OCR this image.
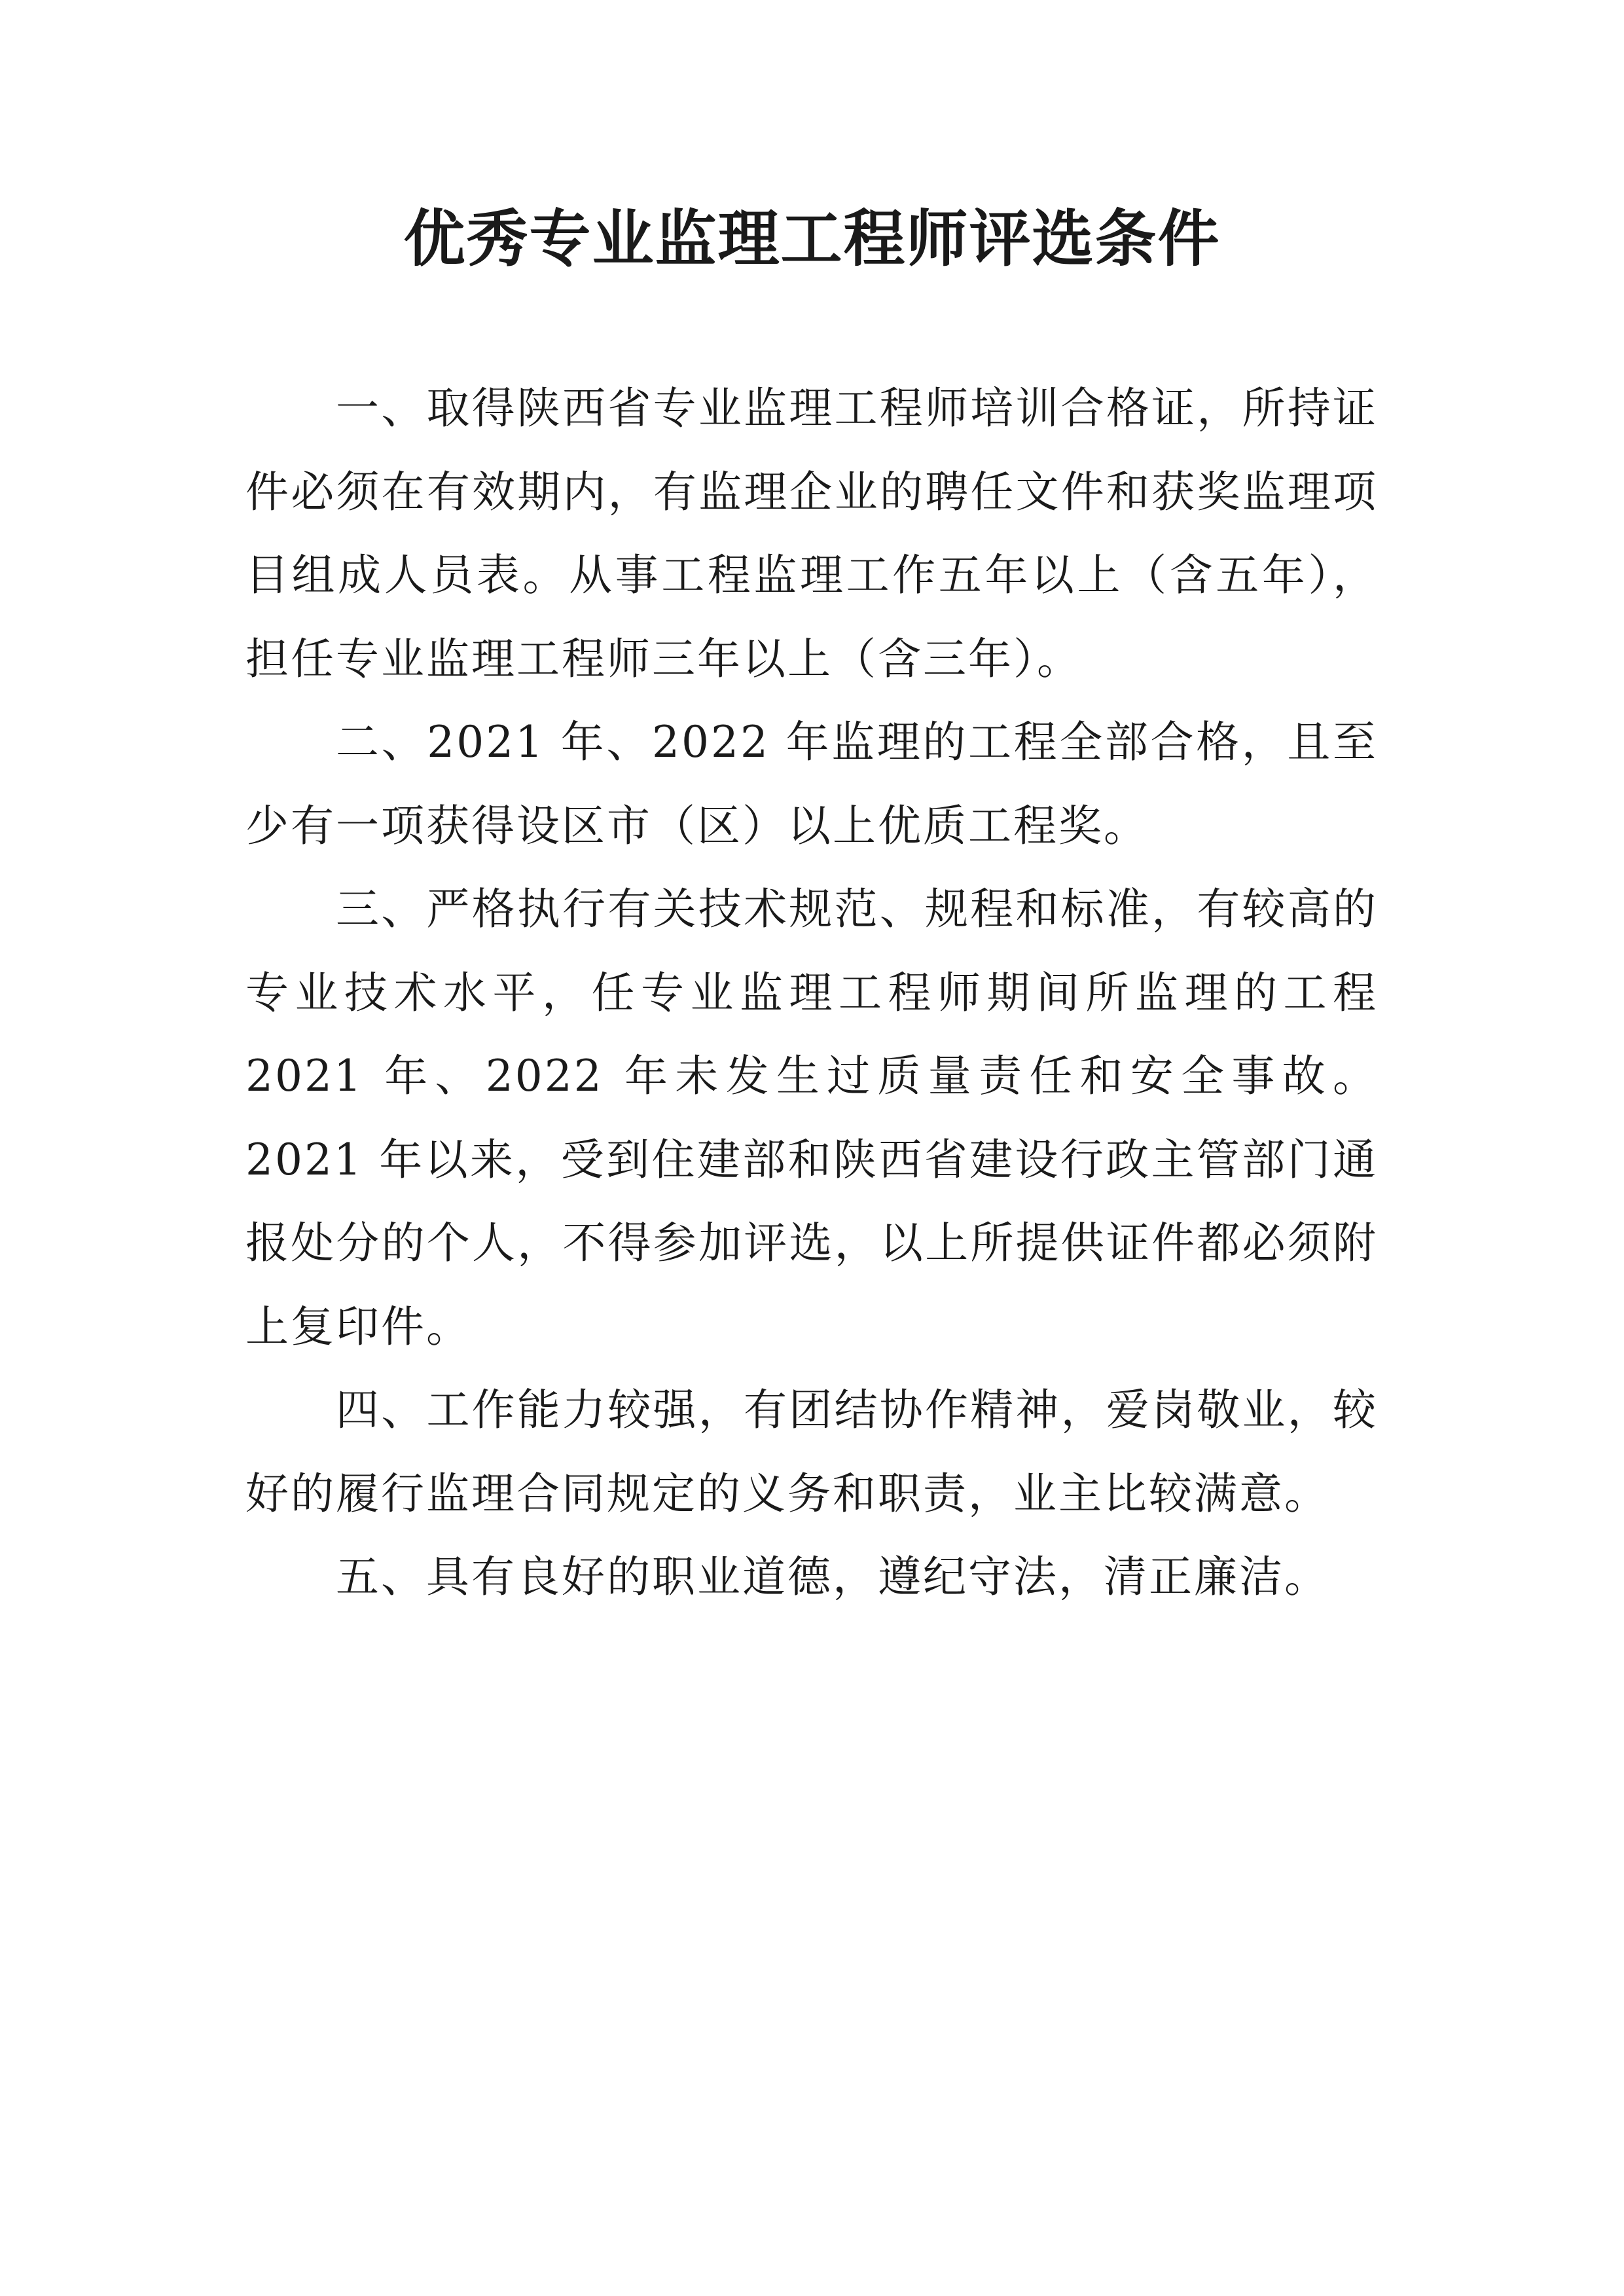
优秀专业监理工程师评选条件

一、取得陕西省专业监理工程师培训合格证，所持证件必须在有效期内，有监理企业的聘任文件和获奖监理项目组成人员表。从事工程监理工作五年以上（含五年），担任专业监理工程师三年以上（含三年）。

二、2021 年、2022 年监理的工程全部合格，且至少有一项获得设区市（区）以上优质工程奖。

三、严格执行有关技术规范、规程和标准，有较高的专业技术水平，任专业监理工程师期间所监理的工程 2021 年、2022 年未发生过质量责任和安全事故。2021 年以来，受到住建部和陕西省建设行政主管部门通报处分的个人，不得参加评选，以上所提供证件都必须附上复印件。

四、工作能力较强，有团结协作精神，爱岗敬业，较好的履行监理合同规定的义务和职责，业主比较满意。

五、具有良好的职业道德，遵纪守法，清正廉洁。
